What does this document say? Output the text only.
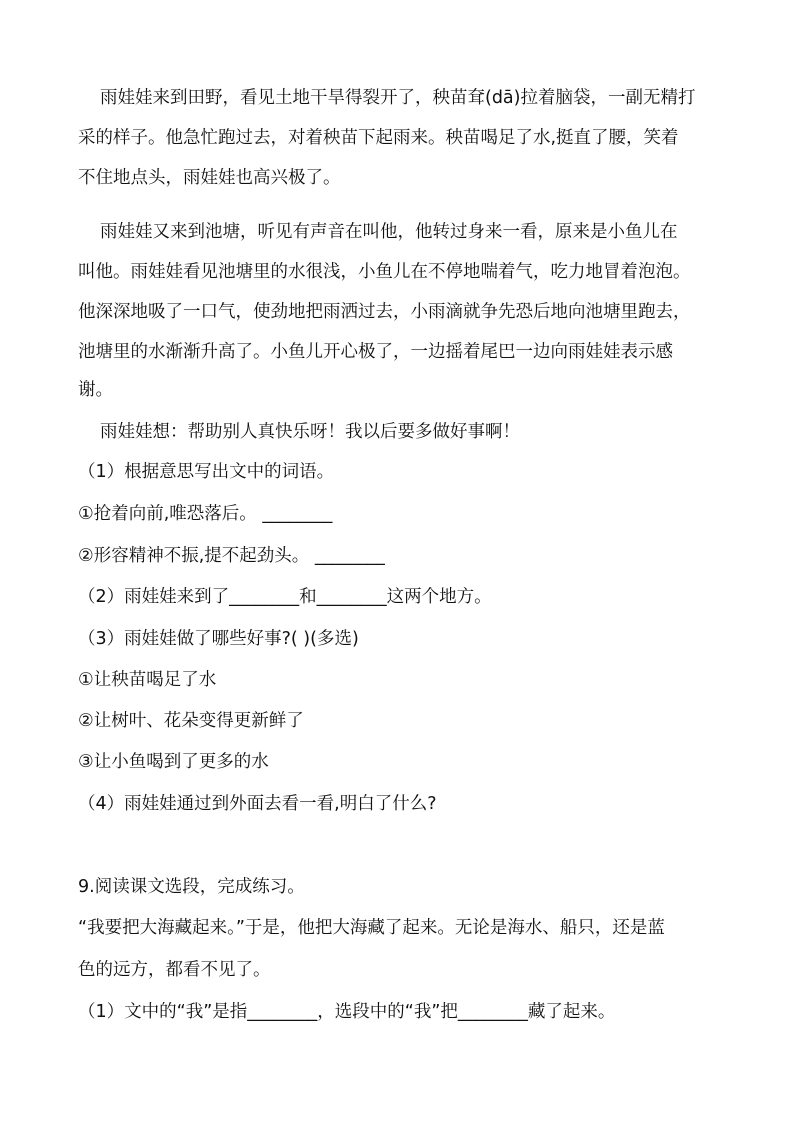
雨娃娃来到田野，看见土地干旱得裂开了，秧苗耷(dā)拉着脑袋，一副无精打
采的样子。他急忙跑过去，对着秧苗下起雨来。秧苗喝足了水,挺直了腰，笑着
不住地点头，雨娃娃也高兴极了。
雨娃娃又来到池塘，听见有声音在叫他，他转过身来一看，原来是小鱼儿在
叫他。雨娃娃看见池塘里的水很浅，小鱼儿在不停地喘着气，吃力地冒着泡泡。
他深深地吸了一口气，使劲地把雨洒过去，小雨滴就争先恐后地向池塘里跑去，
池塘里的水渐渐升高了。小鱼儿开心极了，一边摇着尾巴一边向雨娃娃表示感
谢。
雨娃娃想：帮助别人真快乐呀！我以后要多做好事啊！
（1）根据意思写出文中的词语。
①抢着向前,唯恐落后。 ________
②形容精神不振,提不起劲头。 ________
（2）雨娃娃来到了________和________这两个地方。
（3）雨娃娃做了哪些好事?( )(多选)
①让秧苗喝足了水
②让树叶、花朵变得更新鲜了
③让小鱼喝到了更多的水
（4）雨娃娃通过到外面去看一看,明白了什么?
9.阅读课文选段，完成练习。
“我要把大海藏起来。”于是，他把大海藏了起来。无论是海水、船只，还是蓝
色的远方，都看不见了。
（1）文中的“我”是指________，选段中的“我”把________藏了起来。
